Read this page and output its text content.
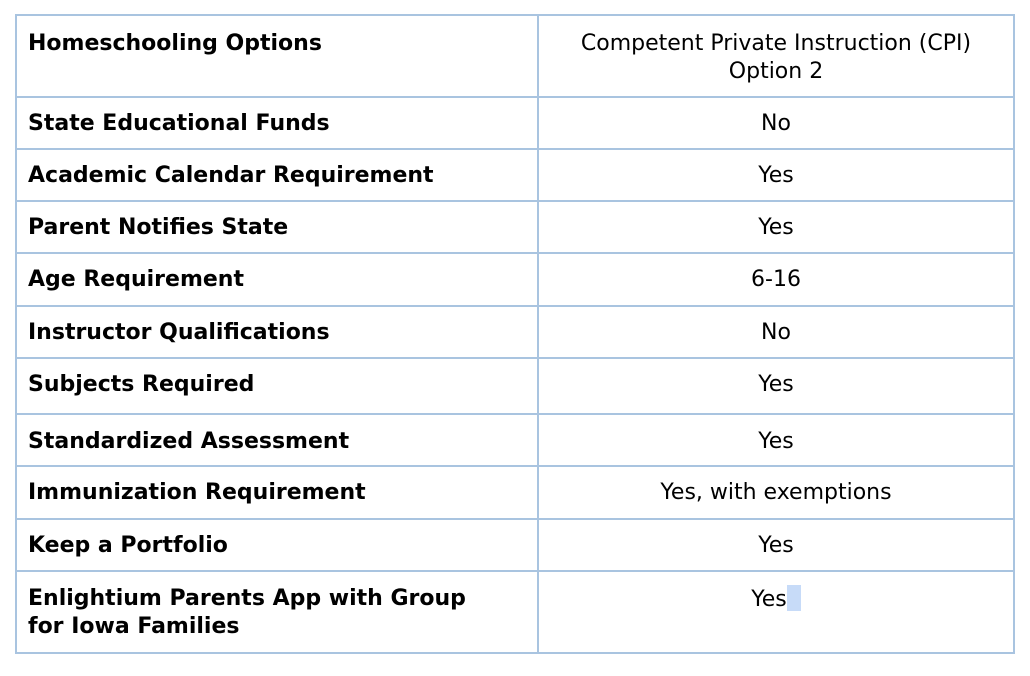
Homeschooling Options	Competent Private Instruction (CPI)
Option 2
State Educational Funds	No
Academic Calendar Requirement	Yes
Parent Notifies State	Yes
Age Requirement	6-16
Instructor Qualifications	No
Subjects Required	Yes
Standardized Assessment	Yes
Immunization Requirement	Yes, with exemptions
Keep a Portfolio	Yes
Enlightium Parents App with Group
for Iowa Families	Yes
